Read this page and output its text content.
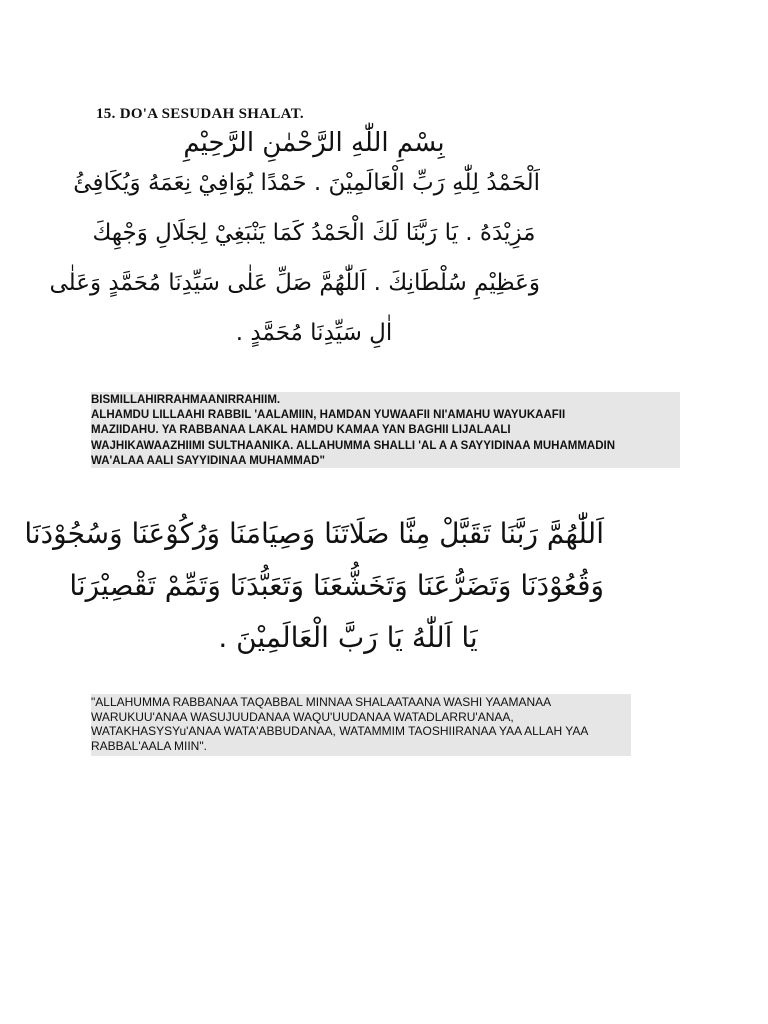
15. DO'A SESUDAH SHALAT.
بِسْمِ اللّٰهِ الرَّحْمٰنِ الرَّحِيْمِ
اَلْحَمْدُ لِلّٰهِ رَبِّ الْعَالَمِيْنَ . حَمْدًا يُوَافِيْ نِعَمَهُ وَيُكَافِئُ
مَزِيْدَهُ . يَا رَبَّنَا لَكَ الْحَمْدُ كَمَا يَنْبَغِيْ لِجَلَالِ وَجْهِكَ
وَعَظِيْمِ سُلْطَانِكَ . اَللّٰهُمَّ صَلِّ عَلٰى سَيِّدِنَا مُحَمَّدٍ وَعَلٰى
اٰلِ سَيِّدِنَا مُحَمَّدٍ .
BISMILLAHIRRAHMAANIRRAHIIM.
ALHAMDU LILLAAHI RABBIL 'AALAMIIN, HAMDAN YUWAAFII NI'AMAHU WAYUKAAFII
MAZIIDAHU. YA RABBANAA LAKAL HAMDU KAMAA YAN BAGHII LIJALAALI
WAJHIKAWAAZHIIMI SULTHAANIKA. ALLAHUMMA SHALLI 'AL A A SAYYIDINAA MUHAMMADIN
WA'ALAA AALI SAYYIDINAA MUHAMMAD"
اَللّٰهُمَّ رَبَّنَا تَقَبَّلْ مِنَّا صَلَاتَنَا وَصِيَامَنَا وَرُكُوْعَنَا وَسُجُوْدَنَا
وَقُعُوْدَنَا وَتَضَرُّعَنَا وَتَخَشُّعَنَا وَتَعَبُّدَنَا وَتَمِّمْ تَقْصِيْرَنَا
يَا اَللّٰهُ يَا رَبَّ الْعَالَمِيْنَ .
"ALLAHUMMA RABBANAA TAQABBAL MINNAA SHALAATAANA WASHI YAAMANAA
WARUKUU'ANAA WASUJUUDANAA WAQU'UUDANAA WATADLARRU'ANAA,
WATAKHASYSYu'ANAA WATA'ABBUDANAA, WATAMMIM TAOSHIIRANAA YAA ALLAH YAA
RABBAL'AALA MIIN".
